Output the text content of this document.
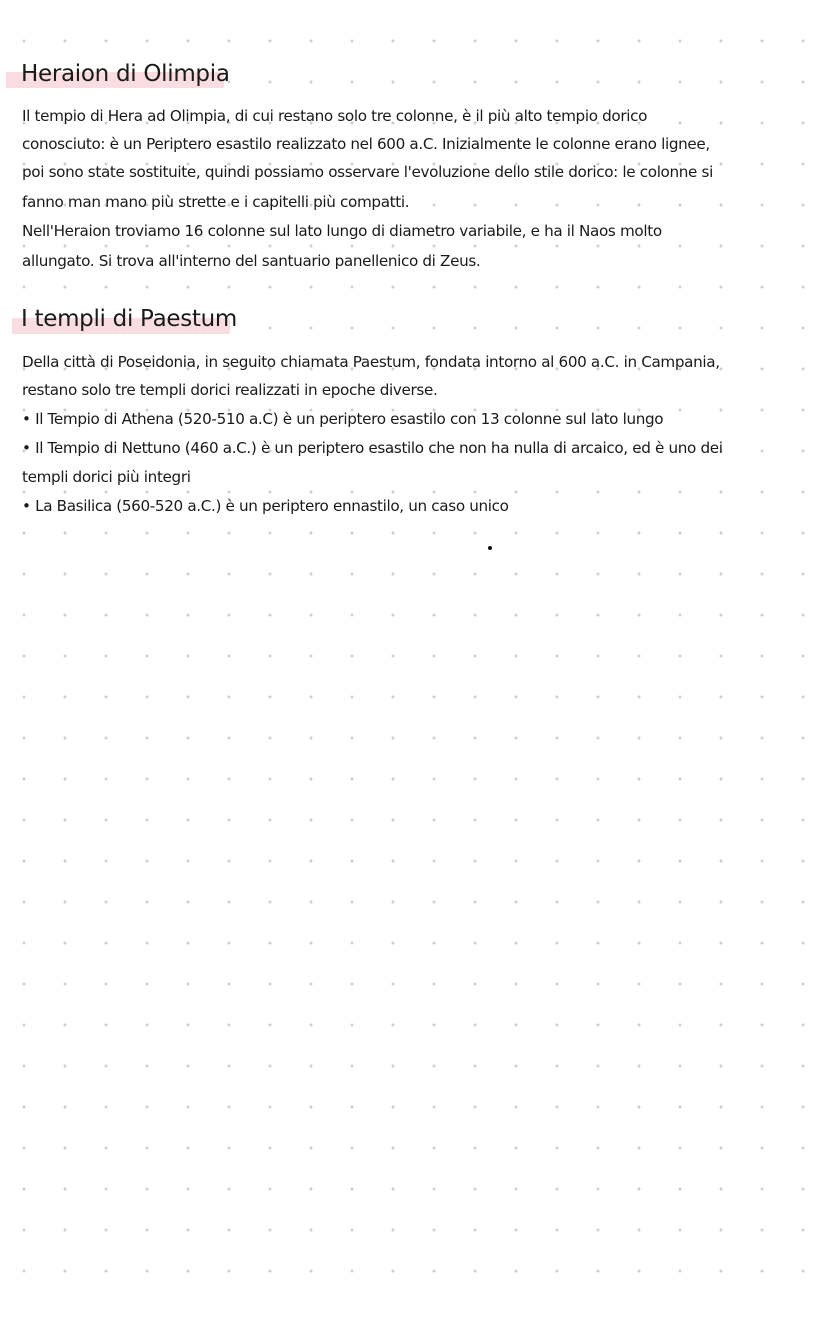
Heraion di Olimpia
Il tempio di Hera ad Olimpia, di cui restano solo tre colonne, è il più alto tempio dorico
conosciuto: è un Periptero esastilo realizzato nel 600 a.C. Inizialmente le colonne erano lignee,
poi sono state sostituite, quindi possiamo osservare l'evoluzione dello stile dorico: le colonne si
fanno man mano più strette e i capitelli più compatti.
Nell'Heraion troviamo 16 colonne sul lato lungo di diametro variabile, e ha il Naos molto
allungato. Si trova all'interno del santuario panellenico di Zeus.
I templi di Paestum
Della città di Poseidonia, in seguito chiamata Paestum, fondata intorno al 600 a.C. in Campania,
restano solo tre templi dorici realizzati in epoche diverse.
• Il Tempio di Athena (520-510 a.C) è un periptero esastilo con 13 colonne sul lato lungo
• Il Tempio di Nettuno (460 a.C.) è un periptero esastilo che non ha nulla di arcaico, ed è uno dei
templi dorici più integri
• La Basilica (560-520 a.C.) è un periptero ennastilo, un caso unico
